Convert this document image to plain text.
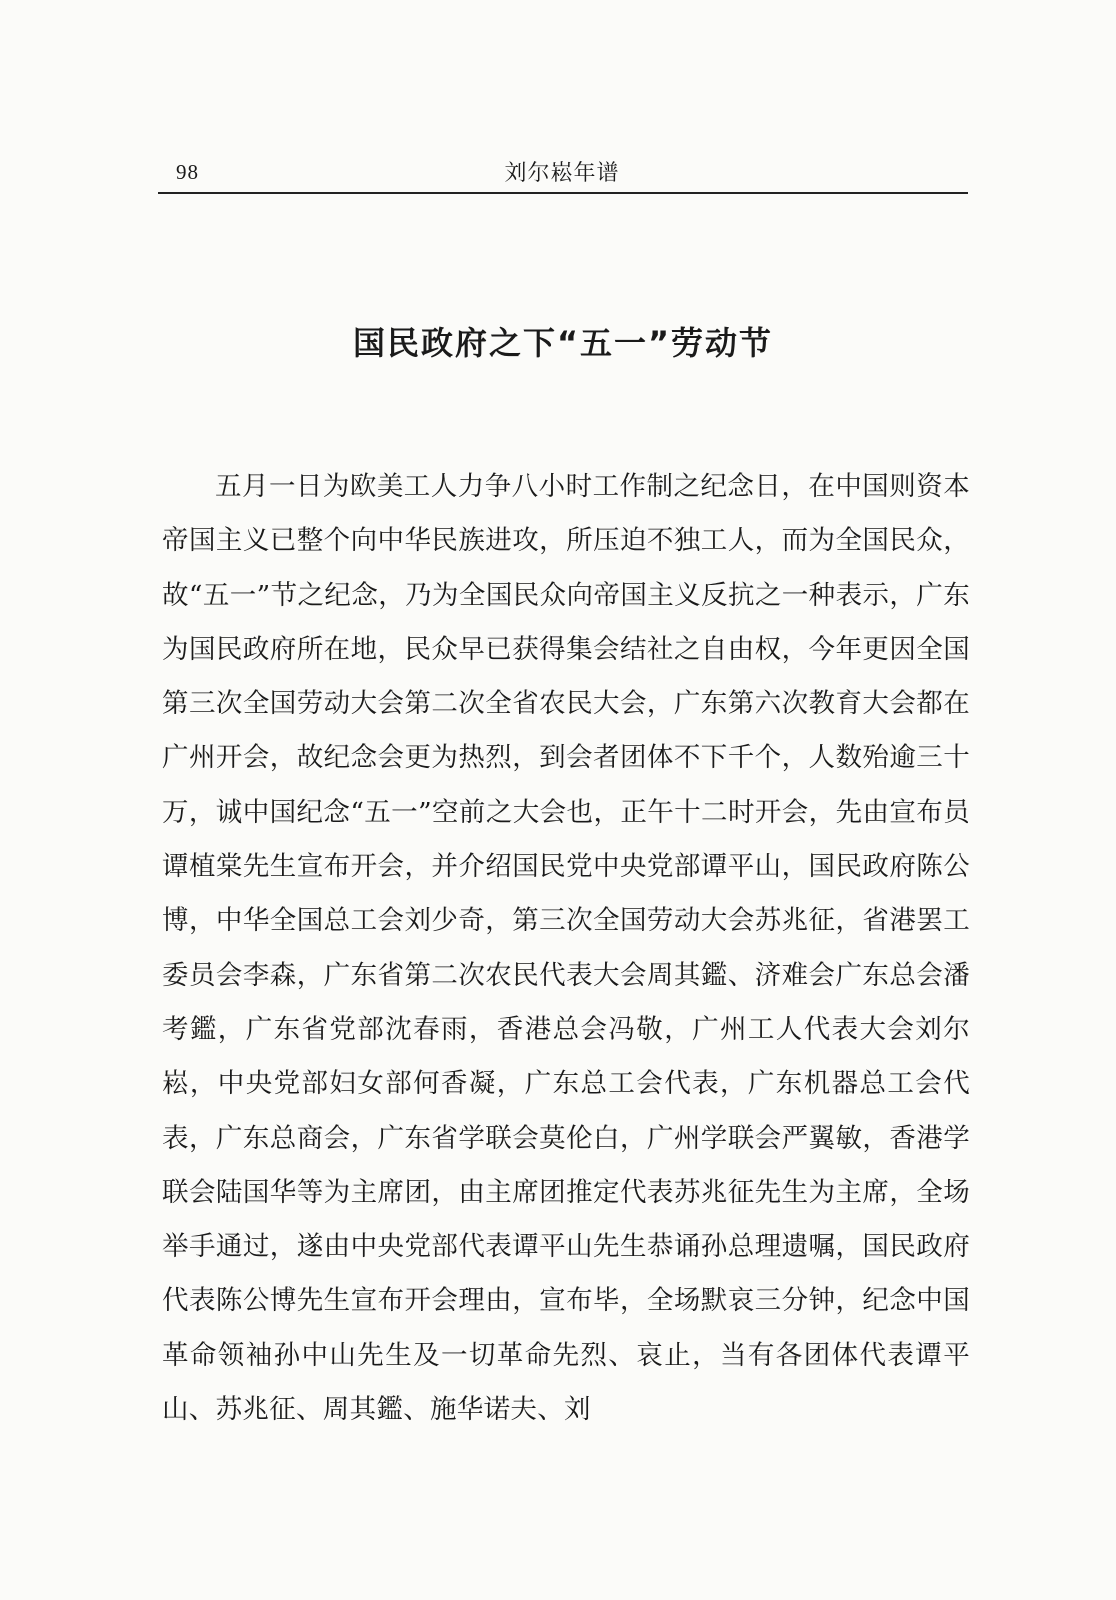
98	刘尔崧年谱
国民政府之下“五一”劳动节

五月一日为欧美工人力争八小时工作制之纪念日，在中国则资本帝国主义已整个向中华民族进攻，所压迫不独工人，而为全国民众，故“五一”节之纪念，乃为全国民众向帝国主义反抗之一种表示，广东为国民政府所在地，民众早已获得集会结社之自由权，今年更因全国第三次全国劳动大会第二次全省农民大会，广东第六次教育大会都在广州开会，故纪念会更为热烈，到会者团体不下千个，人数殆逾三十万，诚中国纪念“五一”空前之大会也，正午十二时开会，先由宣布员谭植棠先生宣布开会，并介绍国民党中央党部谭平山，国民政府陈公博，中华全国总工会刘少奇，第三次全国劳动大会苏兆征，省港罢工委员会李森，广东省第二次农民代表大会周其鑑、济难会广东总会潘考鑑，广东省党部沈春雨，香港总会冯敬，广州工人代表大会刘尔崧，中央党部妇女部何香凝，广东总工会代表，广东机器总工会代表，广东总商会，广东省学联会莫伦白，广州学联会严翼敏，香港学联会陆国华等为主席团，由主席团推定代表苏兆征先生为主席，全场举手通过，遂由中央党部代表谭平山先生恭诵孙总理遗嘱，国民政府代表陈公博先生宣布开会理由，宣布毕，全场默哀三分钟，纪念中国革命领袖孙中山先生及一切革命先烈、哀止，当有各团体代表谭平山、苏兆征、周其鑑、施华诺夫、刘
